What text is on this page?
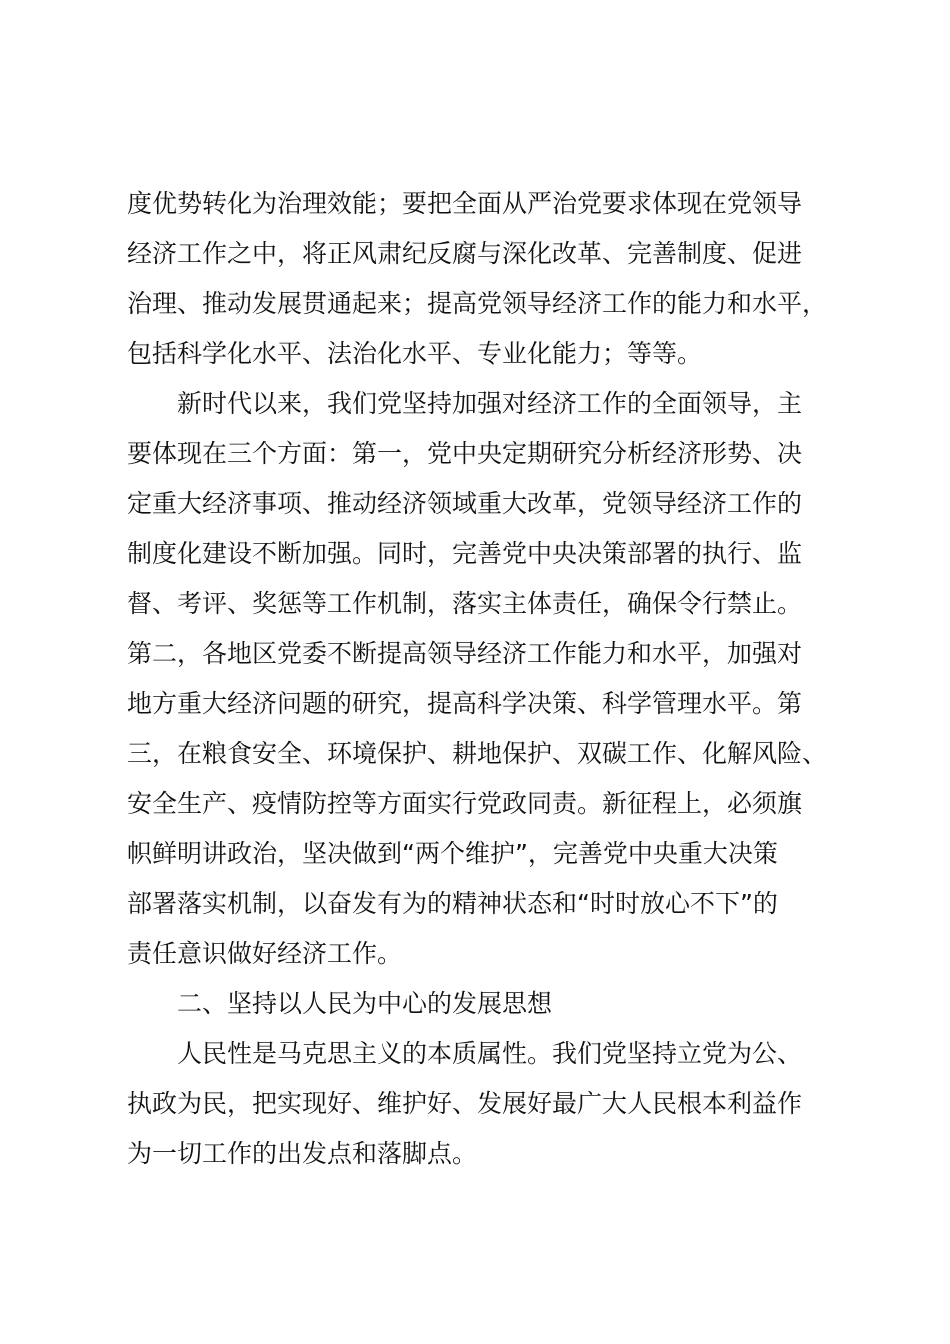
度优势转化为治理效能；要把全面从严治党要求体现在党领导
经济工作之中，将正风肃纪反腐与深化改革、完善制度、促进
治理、推动发展贯通起来；提高党领导经济工作的能力和水平，
包括科学化水平、法治化水平、专业化能力；等等。
新时代以来，我们党坚持加强对经济工作的全面领导，主
要体现在三个方面：第一，党中央定期研究分析经济形势、决
定重大经济事项、推动经济领域重大改革，党领导经济工作的
制度化建设不断加强。同时，完善党中央决策部署的执行、监
督、考评、奖惩等工作机制，落实主体责任，确保令行禁止。
第二，各地区党委不断提高领导经济工作能力和水平，加强对
地方重大经济问题的研究，提高科学决策、科学管理水平。第
三，在粮食安全、环境保护、耕地保护、双碳工作、化解风险、
安全生产、疫情防控等方面实行党政同责。新征程上，必须旗
帜鲜明讲政治，坚决做到“两个维护”，完善党中央重大决策
部署落实机制，以奋发有为的精神状态和“时时放心不下”的
责任意识做好经济工作。
二、坚持以人民为中心的发展思想
人民性是马克思主义的本质属性。我们党坚持立党为公、
执政为民，把实现好、维护好、发展好最广大人民根本利益作
为一切工作的出发点和落脚点。
